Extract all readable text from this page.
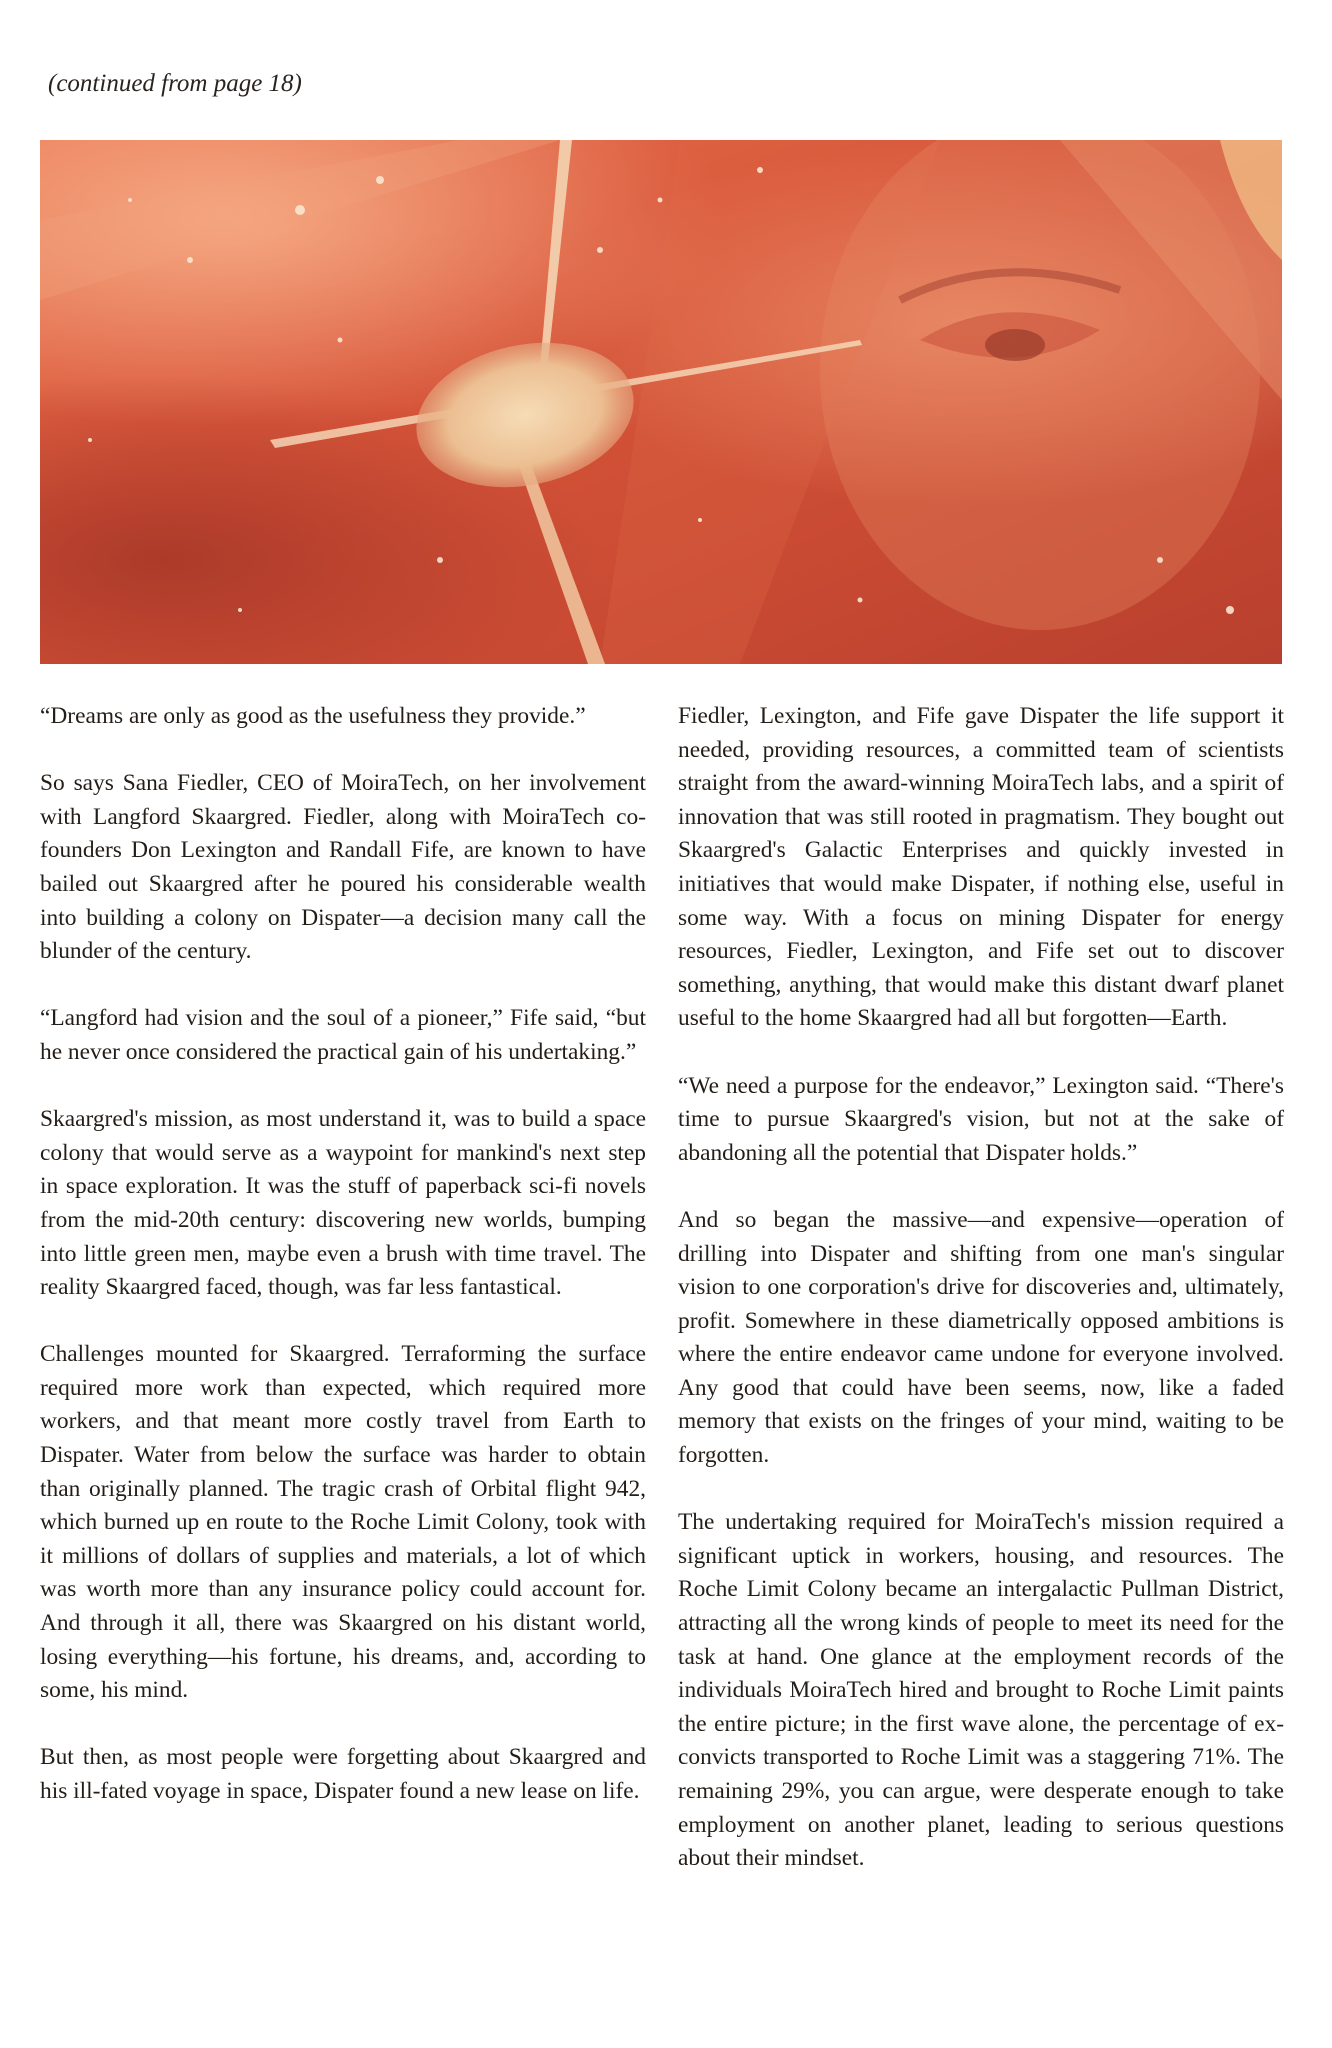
(continued from page 18)

“Dreams are only as good as the usefulness they provide.”

So says Sana Fiedler, CEO of MoiraTech, on her involvement with Langford Skaargred. Fiedler, along with MoiraTech co-founders Don Lexington and Randall Fife, are known to have bailed out Skaargred after he poured his considerable wealth into building a colony on Dispater—a decision many call the blunder of the century.

“Langford had vision and the soul of a pioneer,” Fife said, “but he never once considered the practical gain of his undertaking.”

Skaargred's mission, as most understand it, was to build a space colony that would serve as a waypoint for mankind's next step in space exploration. It was the stuff of paperback sci-fi novels from the mid-20th century: discovering new worlds, bumping into little green men, maybe even a brush with time travel. The reality Skaargred faced, though, was far less fantastical.

Challenges mounted for Skaargred. Terraforming the surface required more work than expected, which required more workers, and that meant more costly travel from Earth to Dispater. Water from below the surface was harder to obtain than originally planned. The tragic crash of Orbital flight 942, which burned up en route to the Roche Limit Colony, took with it millions of dollars of supplies and materials, a lot of which was worth more than any insurance policy could account for. And through it all, there was Skaargred on his distant world, losing everything—his fortune, his dreams, and, according to some, his mind.

But then, as most people were forgetting about Skaargred and his ill-fated voyage in space, Dispater found a new lease on life.

Fiedler, Lexington, and Fife gave Dispater the life support it needed, providing resources, a committed team of scientists straight from the award-winning MoiraTech labs, and a spirit of innovation that was still rooted in pragmatism. They bought out Skaargred's Galactic Enterprises and quickly invested in initiatives that would make Dispater, if nothing else, useful in some way. With a focus on mining Dispater for energy resources, Fiedler, Lexington, and Fife set out to discover something, anything, that would make this distant dwarf planet useful to the home Skaargred had all but forgotten—Earth.

“We need a purpose for the endeavor,” Lexington said. “There's time to pursue Skaargred's vision, but not at the sake of abandoning all the potential that Dispater holds.”

And so began the massive—and expensive—operation of drilling into Dispater and shifting from one man's singular vision to one corporation's drive for discoveries and, ultimately, profit. Somewhere in these diametrically opposed ambitions is where the entire endeavor came undone for everyone involved. Any good that could have been seems, now, like a faded memory that exists on the fringes of your mind, waiting to be forgotten.

The undertaking required for MoiraTech's mission required a significant uptick in workers, housing, and resources. The Roche Limit Colony became an intergalactic Pullman District, attracting all the wrong kinds of people to meet its need for the task at hand. One glance at the employment records of the individuals MoiraTech hired and brought to Roche Limit paints the entire picture; in the first wave alone, the percentage of ex-convicts transported to Roche Limit was a staggering 71%. The remaining 29%, you can argue, were desperate enough to take employment on another planet, leading to serious questions about their mindset.
